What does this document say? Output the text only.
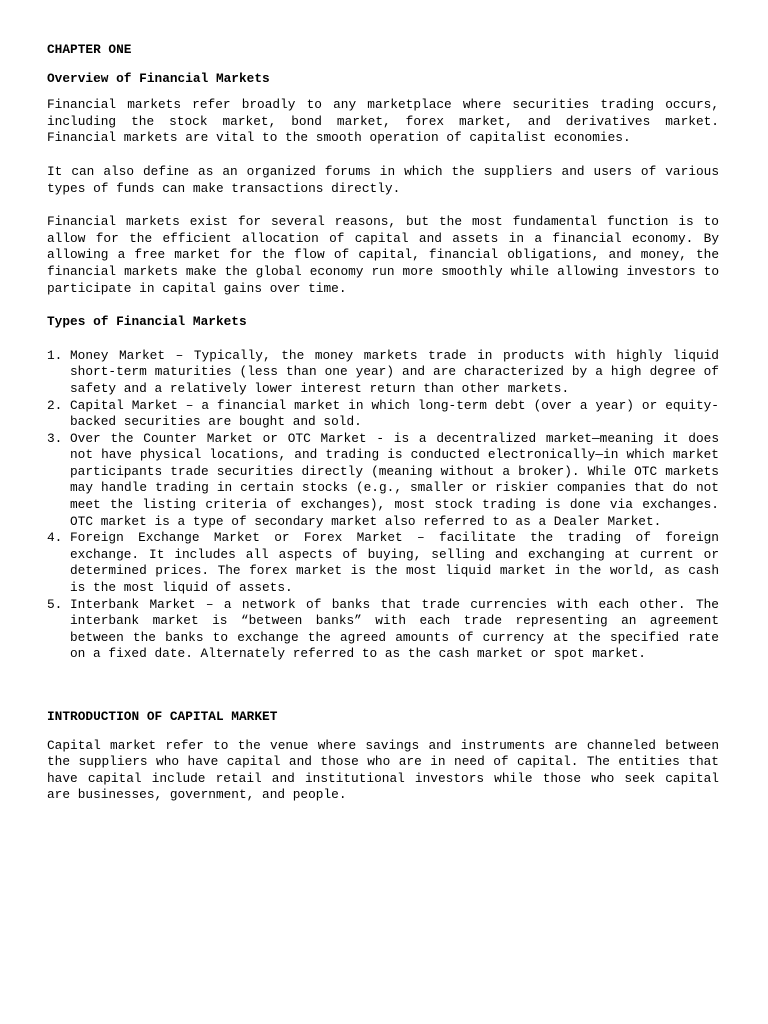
CHAPTER ONE

Overview of Financial Markets

Financial markets refer broadly to any marketplace where securities trading occurs, including the stock market, bond market, forex market, and derivatives market. Financial markets are vital to the smooth operation of capitalist economies.

It can also define as an organized forums in which the suppliers and users of various types of funds can make transactions directly.

Financial markets exist for several reasons, but the most fundamental function is to allow for the efficient allocation of capital and assets in a financial economy. By allowing a free market for the flow of capital, financial obligations, and money, the financial markets make the global economy run more smoothly while allowing investors to participate in capital gains over time.

Types of Financial Markets

1. Money Market – Typically, the money markets trade in products with highly liquid short-term maturities (less than one year) and are characterized by a high degree of safety and a relatively lower interest return than other markets.
2. Capital Market – a financial market in which long-term debt (over a year) or equity-backed securities are bought and sold.
3. Over the Counter Market or OTC Market - is a decentralized market—meaning it does not have physical locations, and trading is conducted electronically—in which market participants trade securities directly (meaning without a broker). While OTC markets may handle trading in certain stocks (e.g., smaller or riskier companies that do not meet the listing criteria of exchanges), most stock trading is done via exchanges. OTC market is a type of secondary market also referred to as a Dealer Market.
4. Foreign Exchange Market or Forex Market – facilitate the trading of foreign exchange. It includes all aspects of buying, selling and exchanging at current or determined prices. The forex market is the most liquid market in the world, as cash is the most liquid of assets.
5. Interbank Market – a network of banks that trade currencies with each other. The interbank market is “between banks” with each trade representing an agreement between the banks to exchange the agreed amounts of currency at the specified rate on a fixed date. Alternately referred to as the cash market or spot market.

INTRODUCTION OF CAPITAL MARKET

Capital market refer to the venue where savings and instruments are channeled between the suppliers who have capital and those who are in need of capital. The entities that have capital include retail and institutional investors while those who seek capital are businesses, government, and people.
